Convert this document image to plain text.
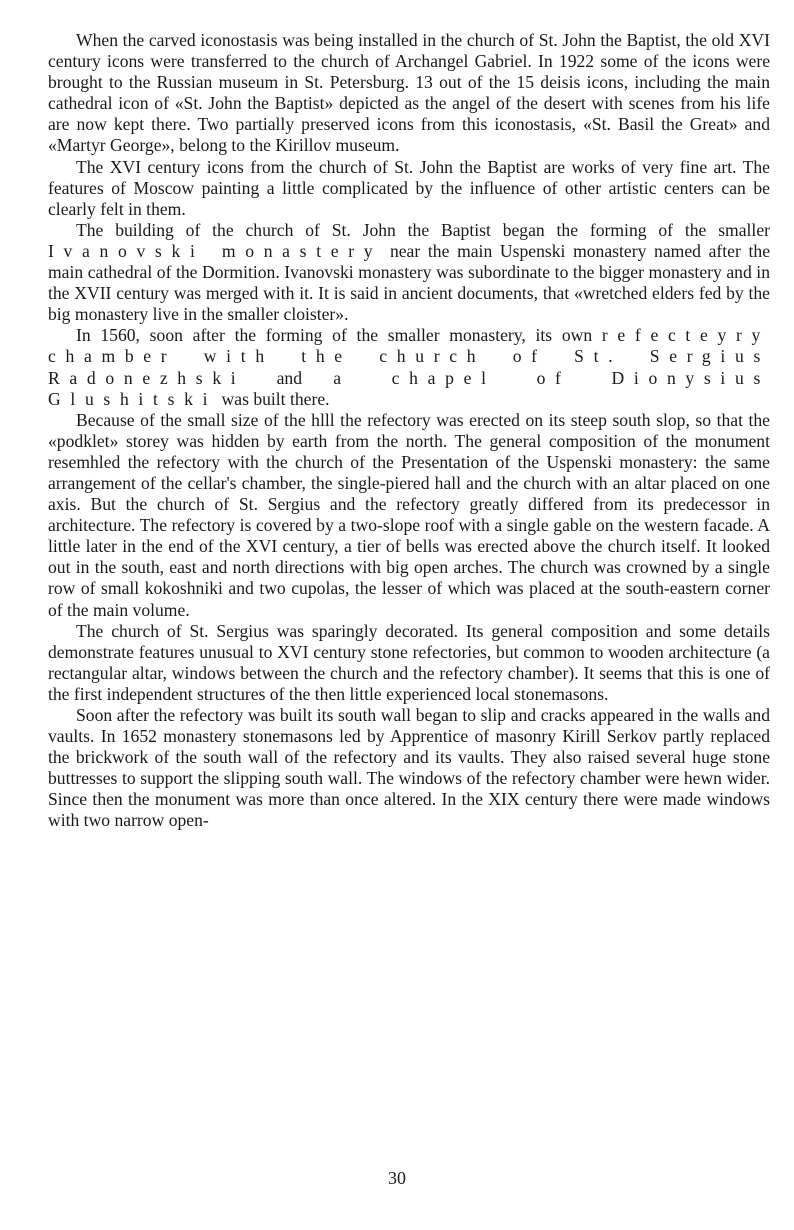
When the carved iconostasis was being installed in the church of St. John the Baptist, the old XVI century icons were transferred to the church of Archangel Gabriel. In 1922 some of the icons were brought to the Russian museum in St. Petersburg. 13 out of the 15 deisis icons, including the main cathedral icon of «St. John the Baptist» depicted as the angel of the desert with scenes from his life are now kept there. Two partially preserved icons from this iconostasis, «St. Basil the Great» and «Martyr George», belong to the Kirillov museum.

The XVI century icons from the church of St. John the Baptist are works of very fine art. The features of Moscow painting a little complicated by the influence of other artistic centers can be clearly felt in them.

The building of the church of St. John the Baptist began the forming of the smaller Ivanovski monastery near the main Uspenski monastery named after the main cathedral of the Dormition. Ivanovski monastery was subordinate to the bigger monastery and in the XVII century was merged with it. It is said in ancient documents, that «wretched elders fed by the big monastery live in the smaller cloister».

In 1560, soon after the forming of the smaller monastery, its own refecteyry chamber with the church of St. Sergius Radonezhski and a chapel of Dionysius Glushitski was built there.

Because of the small size of the hlll the refectory was erected on its steep south slop, so that the «podklet» storey was hidden by earth from the north. The general composition of the monument resemhled the refectory with the church of the Presentation of the Uspenski monastery: the same arrangement of the cellar's chamber, the single-piered hall and the church with an altar placed on one axis. But the church of St. Sergius and the refectory greatly differed from its predecessor in architecture. The refectory is covered by a two-slope roof with a single gable on the western facade. A little later in the end of the XVI century, a tier of bells was erected above the church itself. It looked out in the south, east and north directions with big open arches. The church was crowned by a single row of small kokoshniki and two cupolas, the lesser of which was placed at the south-eastern corner of the main volume.

The church of St. Sergius was sparingly decorated. Its general composition and some details demonstrate features unusual to XVI century stone refectories, but common to wooden architecture (a rectangular altar, windows between the church and the refectory chamber). It seems that this is one of the first independent structures of the then little experienced local stonemasons.

Soon after the refectory was built its south wall began to slip and cracks appeared in the walls and vaults. In 1652 monastery stonemasons led by Apprentice of masonry Kirill Serkov partly replaced the brickwork of the south wall of the refectory and its vaults. They also raised several huge stone buttresses to support the slipping south wall. The windows of the refectory chamber were hewn wider. Since then the monument was more than once altered. In the XIX century there were made windows with two narrow open-

30
